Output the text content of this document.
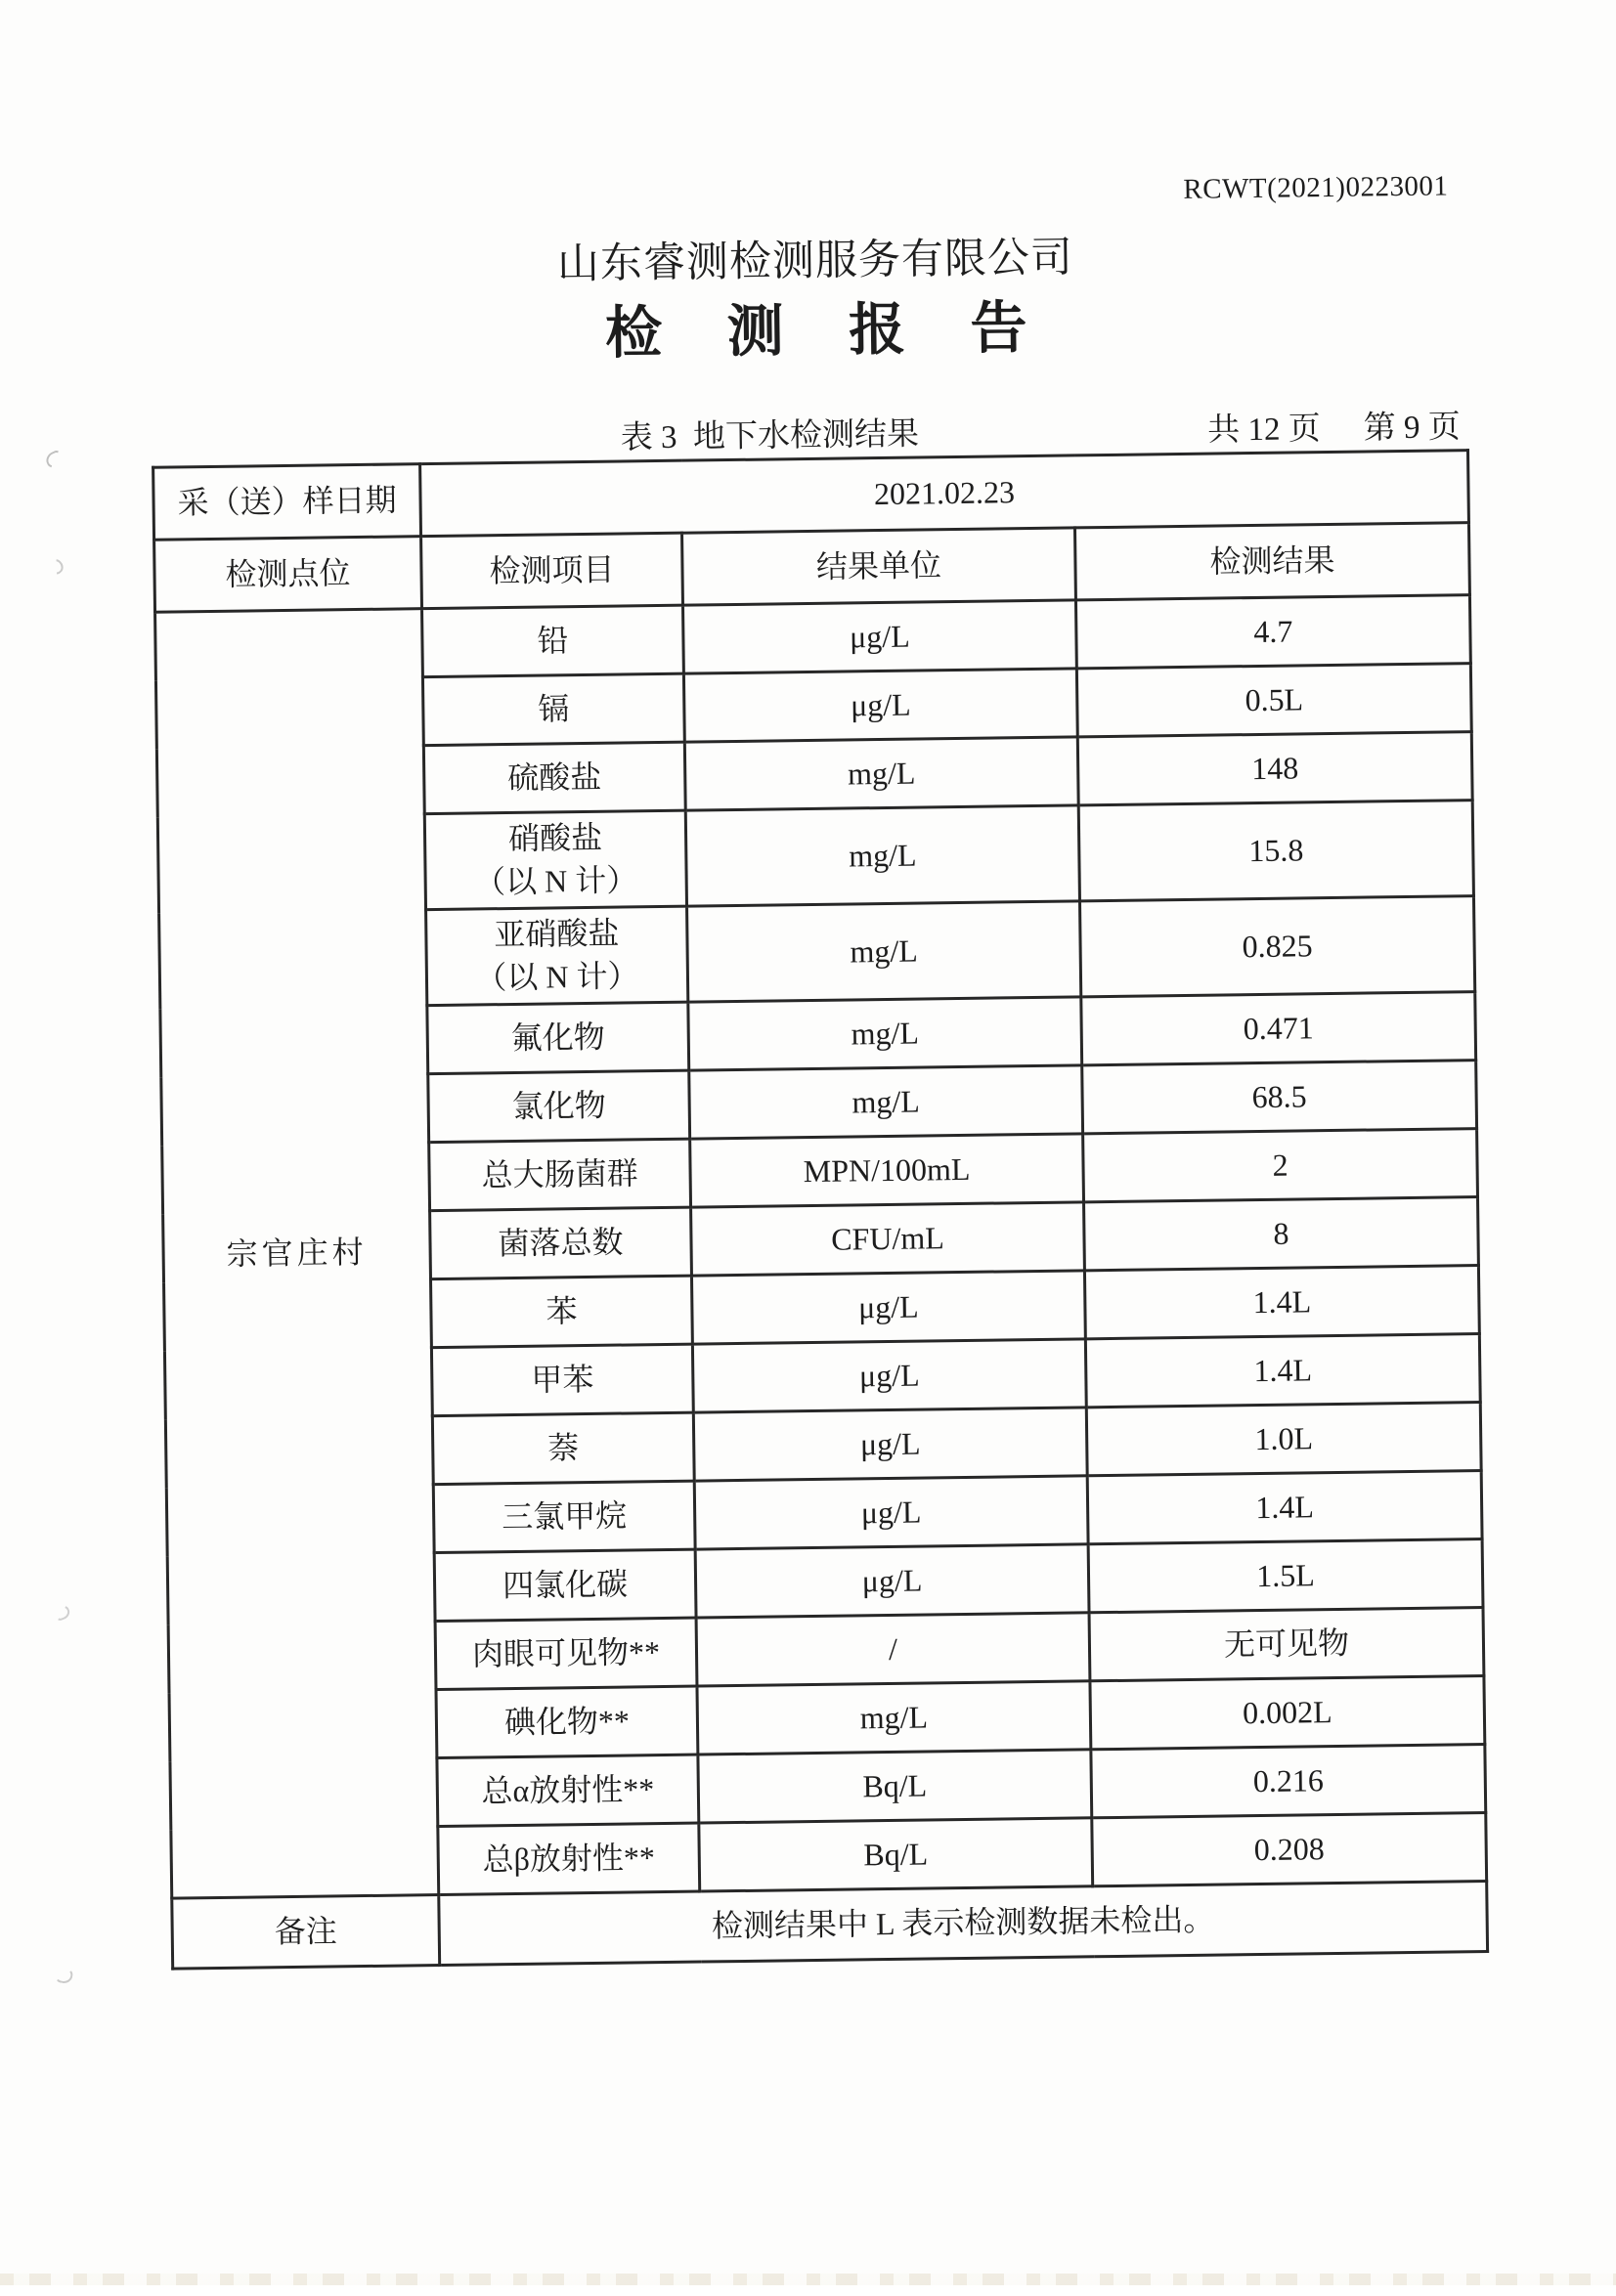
RCWT(2021)0223001
山东睿测检测服务有限公司
检 测 报 告
表 3  地下水检测结果	共 12 页 第 9 页
采（送）样日期	2021.02.23		
检测点位	检测项目	结果单位	检测结果
宗官庄村	铅	μg/L	4.7
	镉	μg/L	0.5L
	硫酸盐	mg/L	148
	硝酸盐
（以 N 计）	mg/L	15.8
	亚硝酸盐
（以 N 计）	mg/L	0.825
	氟化物	mg/L	0.471
	氯化物	mg/L	68.5
	总大肠菌群	MPN/100mL	2
	菌落总数	CFU/mL	8
	苯	μg/L	1.4L
	甲苯	μg/L	1.4L
	萘	μg/L	1.0L
	三氯甲烷	μg/L	1.4L
	四氯化碳	μg/L	1.5L
	肉眼可见物**	/	无可见物
	碘化物**	mg/L	0.002L
	总α放射性**	Bq/L	0.216
	总β放射性**	Bq/L	0.208
备注	检测结果中 L 表示检测数据未检出。		
